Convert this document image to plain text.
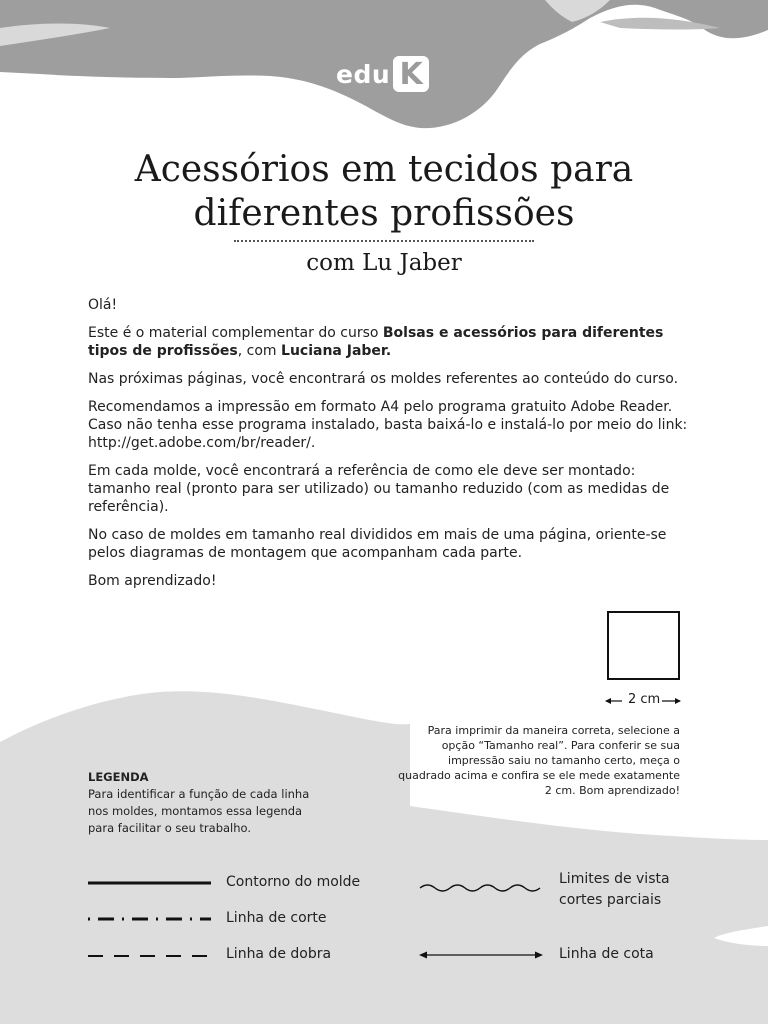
edu K
Acessórios em tecidos para
diferentes profissões
com Lu Jaber

Olá!

Este é o material complementar do curso Bolsas e acessórios para diferentes tipos de profissões, com Luciana Jaber.

Nas próximas páginas, você encontrará os moldes referentes ao conteúdo do curso.

Recomendamos a impressão em formato A4 pelo programa gratuito Adobe Reader. Caso não tenha esse programa instalado, basta baixá-lo e instalá-lo por meio do link: http://get.adobe.com/br/reader/.

Em cada molde, você encontrará a referência de como ele deve ser montado: tamanho real (pronto para ser utilizado) ou tamanho reduzido (com as medidas de referência).

No caso de moldes em tamanho real divididos em mais de uma página, oriente-se pelos diagramas de montagem que acompanham cada parte.

Bom aprendizado!

2 cm
Para imprimir da maneira correta, selecione a opção “Tamanho real”. Para conferir se sua impressão saiu no tamanho certo, meça o quadrado acima e confira se ele mede exatamente 2 cm. Bom aprendizado!
LEGENDA
Para identificar a função de cada linha nos moldes, montamos essa legenda para facilitar o seu trabalho.
Contorno do molde
Linha de corte
Linha de dobra
Limites de vista
cortes parciais
Linha de cota
